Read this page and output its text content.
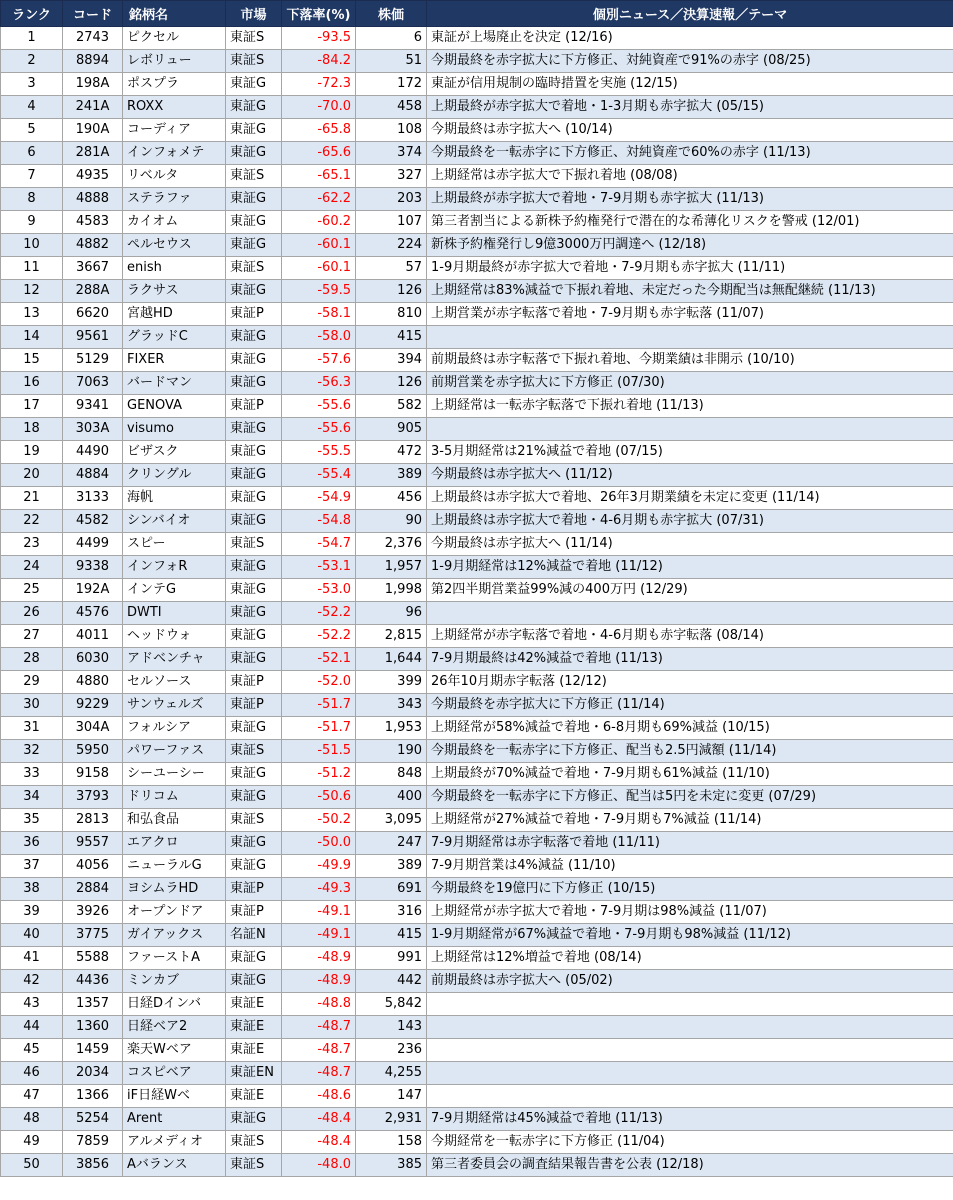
ランク	コード	銘柄名	市場	下落率(%)	株価	個別ニュース／決算速報／テーマ
1	2743	ピクセル	東証S	-93.5	6	東証が上場廃止を決定 (12/16)
2	8894	レボリュー	東証S	-84.2	51	今期最終を赤字拡大に下方修正、対純資産で91%の赤字 (08/25)
3	198A	ポスプラ	東証G	-72.3	172	東証が信用規制の臨時措置を実施 (12/15)
4	241A	ROXX	東証G	-70.0	458	上期最終が赤字拡大で着地・1-3月期も赤字拡大 (05/15)
5	190A	コーディア	東証G	-65.8	108	今期最終は赤字拡大へ (10/14)
6	281A	インフォメテ	東証G	-65.6	374	今期最終を一転赤字に下方修正、対純資産で60%の赤字 (11/13)
7	4935	リベルタ	東証S	-65.1	327	上期経常は赤字拡大で下振れ着地 (08/08)
8	4888	ステラファ	東証G	-62.2	203	上期最終が赤字拡大で着地・7-9月期も赤字拡大 (11/13)
9	4583	カイオム	東証G	-60.2	107	第三者割当による新株予約権発行で潜在的な希薄化リスクを警戒 (12/01)
10	4882	ペルセウス	東証G	-60.1	224	新株予約権発行し9億3000万円調達へ (12/18)
11	3667	enish	東証S	-60.1	57	1-9月期最終が赤字拡大で着地・7-9月期も赤字拡大 (11/11)
12	288A	ラクサス	東証G	-59.5	126	上期経常は83%減益で下振れ着地、未定だった今期配当は無配継続 (11/13)
13	6620	宮越HD	東証P	-58.1	810	上期営業が赤字転落で着地・7-9月期も赤字転落 (11/07)
14	9561	グラッドC	東証G	-58.0	415	
15	5129	FIXER	東証G	-57.6	394	前期最終は赤字転落で下振れ着地、今期業績は非開示 (10/10)
16	7063	バードマン	東証G	-56.3	126	前期営業を赤字拡大に下方修正 (07/30)
17	9341	GENOVA	東証P	-55.6	582	上期経常は一転赤字転落で下振れ着地 (11/13)
18	303A	visumo	東証G	-55.6	905	
19	4490	ビザスク	東証G	-55.5	472	3-5月期経常は21%減益で着地 (07/15)
20	4884	クリングル	東証G	-55.4	389	今期最終は赤字拡大へ (11/12)
21	3133	海帆	東証G	-54.9	456	上期最終は赤字拡大で着地、26年3月期業績を未定に変更 (11/14)
22	4582	シンバイオ	東証G	-54.8	90	上期最終は赤字拡大で着地・4-6月期も赤字拡大 (07/31)
23	4499	スピー	東証S	-54.7	2,376	今期最終は赤字拡大へ (11/14)
24	9338	インフォR	東証G	-53.1	1,957	1-9月期経常は12%減益で着地 (11/12)
25	192A	インテG	東証G	-53.0	1,998	第2四半期営業益99%減の400万円 (12/29)
26	4576	DWTI	東証G	-52.2	96	
27	4011	ヘッドウォ	東証G	-52.2	2,815	上期経常が赤字転落で着地・4-6月期も赤字転落 (08/14)
28	6030	アドベンチャ	東証G	-52.1	1,644	7-9月期最終は42%減益で着地 (11/13)
29	4880	セルソース	東証P	-52.0	399	26年10月期赤字転落 (12/12)
30	9229	サンウェルズ	東証P	-51.7	343	今期最終を赤字拡大に下方修正 (11/14)
31	304A	フォルシア	東証G	-51.7	1,953	上期経常が58%減益で着地・6-8月期も69%減益 (10/15)
32	5950	パワーファス	東証S	-51.5	190	今期最終を一転赤字に下方修正、配当も2.5円減額 (11/14)
33	9158	シーユーシー	東証G	-51.2	848	上期最終が70%減益で着地・7-9月期も61%減益 (11/10)
34	3793	ドリコム	東証G	-50.6	400	今期最終を一転赤字に下方修正、配当は5円を未定に変更 (07/29)
35	2813	和弘食品	東証S	-50.2	3,095	上期経常が27%減益で着地・7-9月期も7%減益 (11/14)
36	9557	エアクロ	東証G	-50.0	247	7-9月期経常は赤字転落で着地 (11/11)
37	4056	ニューラルG	東証G	-49.9	389	7-9月期営業は4%減益 (11/10)
38	2884	ヨシムラHD	東証P	-49.3	691	今期最終を19億円に下方修正 (10/15)
39	3926	オープンドア	東証P	-49.1	316	上期経常が赤字拡大で着地・7-9月期は98%減益 (11/07)
40	3775	ガイアックス	名証N	-49.1	415	1-9月期経常が67%減益で着地・7-9月期も98%減益 (11/12)
41	5588	ファーストA	東証G	-48.9	991	上期経常は12%増益で着地 (08/14)
42	4436	ミンカブ	東証G	-48.9	442	前期最終は赤字拡大へ (05/02)
43	1357	日経Dインバ	東証E	-48.8	5,842	
44	1360	日経ベア2	東証E	-48.7	143	
45	1459	楽天Wベア	東証E	-48.7	236	
46	2034	コスピベア	東証EN	-48.7	4,255	
47	1366	iF日経Wベ	東証E	-48.6	147	
48	5254	Arent	東証G	-48.4	2,931	7-9月期経常は45%減益で着地 (11/13)
49	7859	アルメディオ	東証S	-48.4	158	今期経常を一転赤字に下方修正 (11/04)
50	3856	Aバランス	東証S	-48.0	385	第三者委員会の調査結果報告書を公表 (12/18)
